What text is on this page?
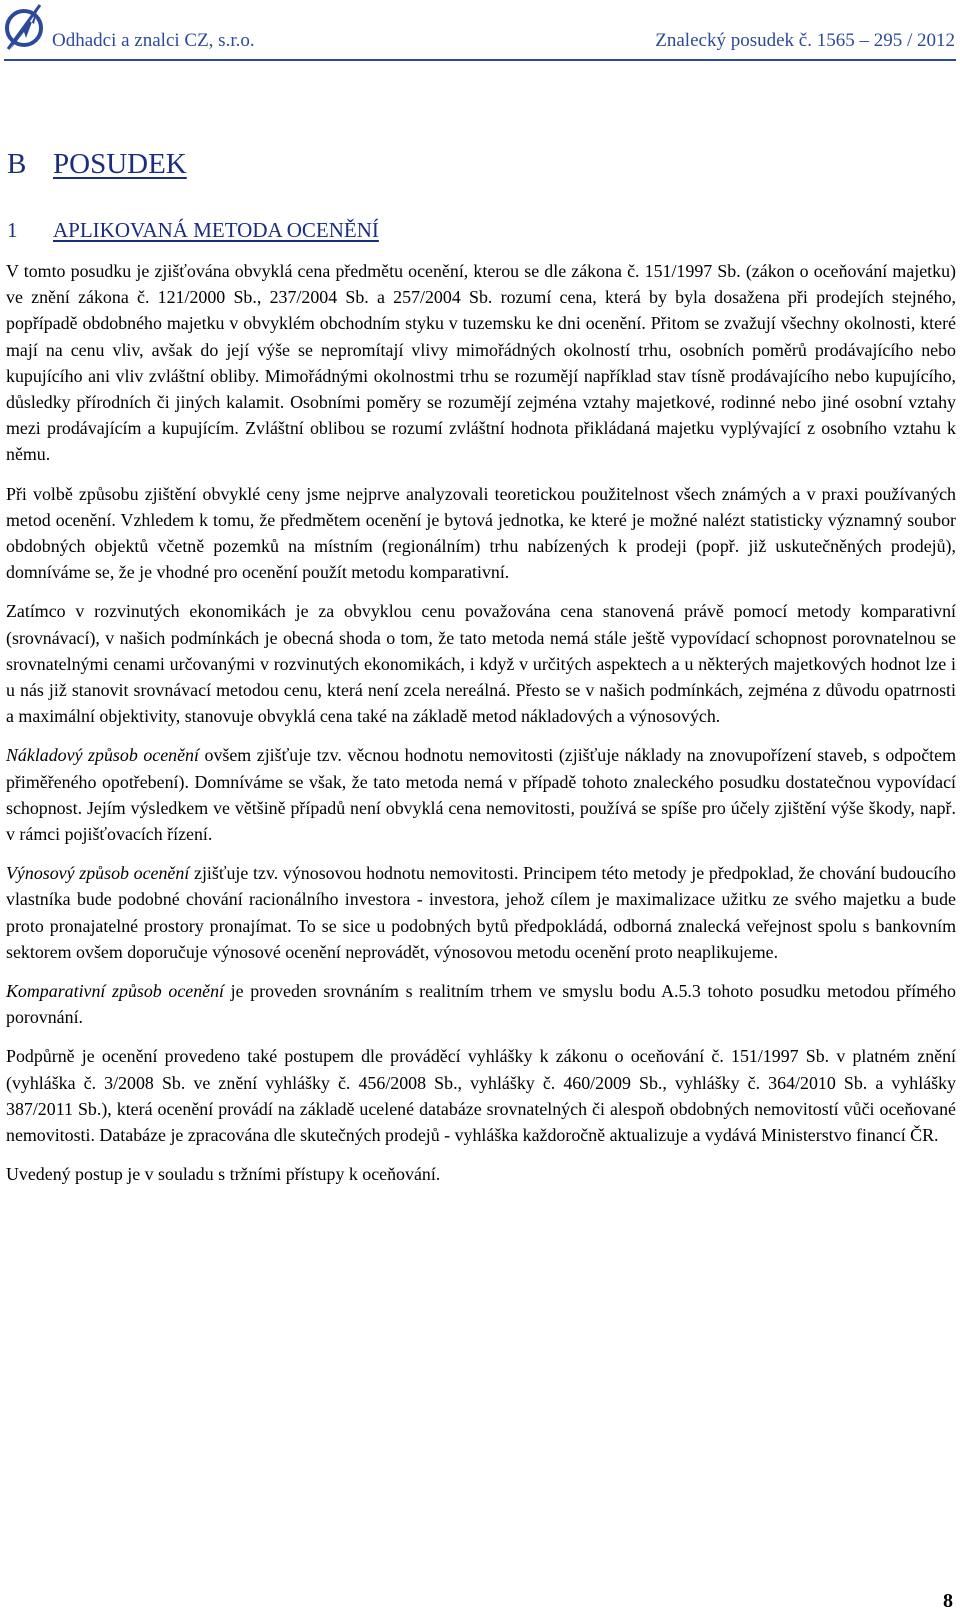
Odhadci a znalci CZ, s.r.o.	Znalecký posudek č. 1565 – 295 / 2012
B POSUDEK
1 APLIKOVANÁ METODA OCENĚNÍ

V tomto posudku je zjišťována obvyklá cena předmětu ocenění, kterou se dle zákona č. 151/1997 Sb. (zákon o oceňování majetku) ve znění zákona č. 121/2000 Sb., 237/2004 Sb. a 257/2004 Sb. rozumí cena, která by byla dosažena při prodejích stejného, popřípadě obdobného majetku v obvyklém obchodním styku v tuzemsku ke dni ocenění. Přitom se zvažují všechny okolnosti, které mají na cenu vliv, avšak do její výše se nepromítají vlivy mimořádných okolností trhu, osobních poměrů prodávajícího nebo kupujícího ani vliv zvláštní obliby. Mimořádnými okolnostmi trhu se rozumějí například stav tísně prodávajícího nebo kupujícího, důsledky přírodních či jiných kalamit. Osobními poměry se rozumějí zejména vztahy majetkové, rodinné nebo jiné osobní vztahy mezi prodávajícím a kupujícím. Zvláštní oblibou se rozumí zvláštní hodnota přikládaná majetku vyplývající z osobního vztahu k němu.

Při volbě způsobu zjištění obvyklé ceny jsme nejprve analyzovali teoretickou použitelnost všech známých a v praxi používaných metod ocenění. Vzhledem k tomu, že předmětem ocenění je bytová jednotka, ke které je možné nalézt statisticky významný soubor obdobných objektů včetně pozemků na místním (regionálním) trhu nabízených k prodeji (popř. již uskutečněných prodejů), domníváme se, že je vhodné pro ocenění použít metodu komparativní.

Zatímco v rozvinutých ekonomikách je za obvyklou cenu považována cena stanovená právě pomocí metody komparativní (srovnávací), v našich podmínkách je obecná shoda o tom, že tato metoda nemá stále ještě vypovídací schopnost porovnatelnou se srovnatelnými cenami určovanými v rozvinutých ekonomikách, i když v určitých aspektech a u některých majetkových hodnot lze i u nás již stanovit srovnávací metodou cenu, která není zcela nereálná. Přesto se v našich podmínkách, zejména z důvodu opatrnosti a maximální objektivity, stanovuje obvyklá cena také na základě metod nákladových a výnosových.

Nákladový způsob ocenění ovšem zjišťuje tzv. věcnou hodnotu nemovitosti (zjišťuje náklady na znovupořízení staveb, s odpočtem přiměřeného opotřebení). Domníváme se však, že tato metoda nemá v případě tohoto znaleckého posudku dostatečnou vypovídací schopnost. Jejím výsledkem ve většině případů není obvyklá cena nemovitosti, používá se spíše pro účely zjištění výše škody, např. v rámci pojišťovacích řízení.

Výnosový způsob ocenění zjišťuje tzv. výnosovou hodnotu nemovitosti. Principem této metody je předpoklad, že chování budoucího vlastníka bude podobné chování racionálního investora - investora, jehož cílem je maximalizace užitku ze svého majetku a bude proto pronajatelné prostory pronajímat. To se sice u podobných bytů předpokládá, odborná znalecká veřejnost spolu s bankovním sektorem ovšem doporučuje výnosové ocenění neprovádět, výnosovou metodu ocenění proto neaplikujeme.

Komparativní způsob ocenění je proveden srovnáním s realitním trhem ve smyslu bodu A.5.3 tohoto posudku metodou přímého porovnání.

Podpůrně je ocenění provedeno také postupem dle prováděcí vyhlášky k zákonu o oceňování č. 151/1997 Sb. v platném znění (vyhláška č. 3/2008 Sb. ve znění vyhlášky č. 456/2008 Sb., vyhlášky č. 460/2009 Sb., vyhlášky č. 364/2010 Sb. a vyhlášky 387/2011 Sb.), která ocenění provádí na základě ucelené databáze srovnatelných či alespoň obdobných nemovitostí vůči oceňované nemovitosti. Databáze je zpracována dle skutečných prodejů - vyhláška každoročně aktualizuje a vydává Ministerstvo financí ČR.

Uvedený postup je v souladu s tržními přístupy k oceňování.

8
